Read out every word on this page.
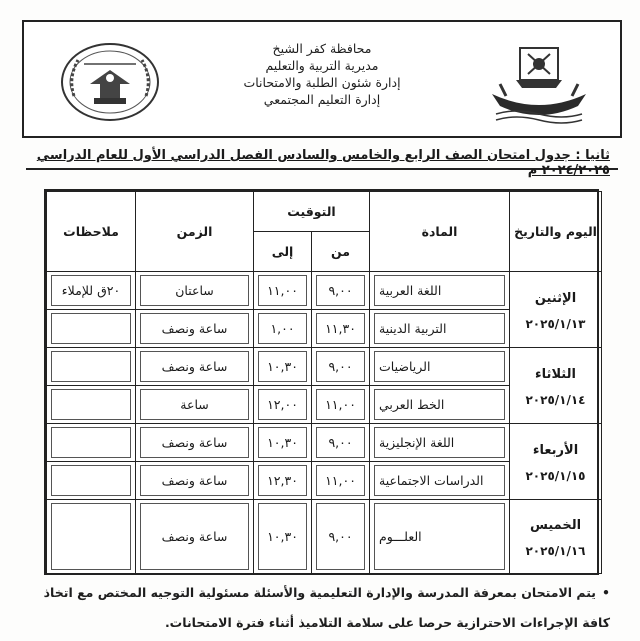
محافظة كفر الشيخ
مديرية التربية والتعليم
إدارة شئون الطلبة والامتحانات
إدارة التعليم المجتمعي
ثانيا : جدول امتحان الصف الرابع والخامس والسادس الفصل الدراسي الأول للعام الدراسي ٢٠٢٤/٢٠٢٥ م
اليوم والتاريخ	المادة	التوقيت		الزمن	ملاحظات
		من	إلى		

الإثنين
٢٠٢٥/١/١٣	اللغة العربية	٩,٠٠	١١,٠٠	ساعتان	٢٠ق للإملاء

التربية الدينية	١١,٣٠	١,٠٠	ساعة ونصف	

الثلاثاء
٢٠٢٥/١/١٤	الرياضيات	٩,٠٠	١٠,٣٠	ساعة ونصف	

الخط العربي	١١,٠٠	١٢,٠٠	ساعة	

الأربعاء
٢٠٢٥/١/١٥	اللغة الإنجليزية	٩,٠٠	١٠,٣٠	ساعة ونصف	

الدراسات الاجتماعية	١١,٠٠	١٢,٣٠	ساعة ونصف	

الخميس
٢٠٢٥/١/١٦	العلـــوم	٩,٠٠	١٠,٣٠	ساعة ونصف	

•يتم الامتحان بمعرفة المدرسة والإدارة التعليمية والأسئلة مسئولية التوجيه المختص مع اتخاذ كافة الإجراءات الاحترازية حرصا على سلامة التلاميذ أثناء فترة الامتحانات.
